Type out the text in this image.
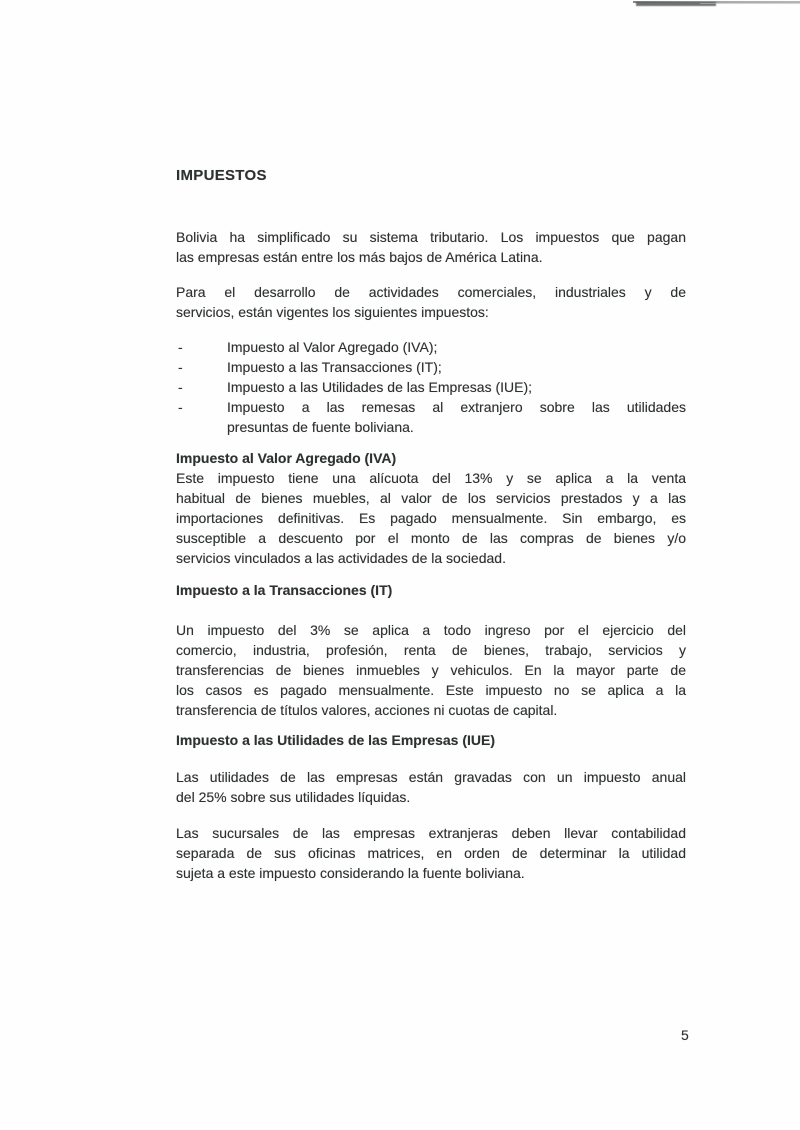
IMPUESTOS
Bolivia ha simplificado su sistema tributario. Los impuestos que pagan
las empresas están entre los más bajos de América Latina.
Para el desarrollo de actividades comerciales, industriales y de
servicios, están vigentes los siguientes impuestos:
-	Impuesto al Valor Agregado (IVA);
-	Impuesto a las Transacciones (IT);
-	Impuesto a las Utilidades de las Empresas (IUE);
-	Impuesto a las remesas al extranjero sobre las utilidades
presuntas de fuente boliviana.
Impuesto al Valor Agregado (IVA)
Este impuesto tiene una alícuota del 13% y se aplica a la venta
habitual de bienes muebles, al valor de los servicios prestados y a las
importaciones definitivas. Es pagado mensualmente. Sin embargo, es
susceptible a descuento por el monto de las compras de bienes y/o
servicios vinculados a las actividades de la sociedad.
Impuesto a la Transacciones (IT)
Un impuesto del 3% se aplica a todo ingreso por el ejercicio del
comercio, industria, profesión, renta de bienes, trabajo, servicios y
transferencias de bienes inmuebles y vehiculos. En la mayor parte de
los casos es pagado mensualmente. Este impuesto no se aplica a la
transferencia de títulos valores, acciones ni cuotas de capital.
Impuesto a las Utilidades de las Empresas (IUE)
Las utilidades de las empresas están gravadas con un impuesto anual
del 25% sobre sus utilidades líquidas.
Las sucursales de las empresas extranjeras deben llevar contabilidad
separada de sus oficinas matrices, en orden de determinar la utilidad
sujeta a este impuesto considerando la fuente boliviana.
5
